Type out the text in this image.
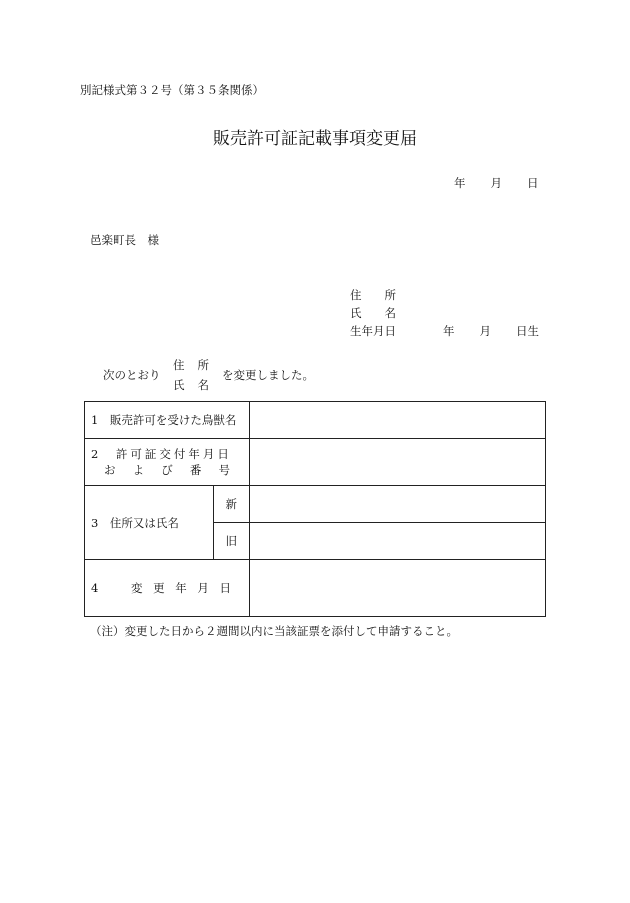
別記様式第３２号（第３５条関係）
販売許可証記載事項変更届
年 月 日
邑楽町長　様
住　所
氏　名
生年月日	年 月 日生
次のとおり
住所
氏名
を変更しました。
1　販売許可を受けた鳥獣名		

2　許可証交付年月日
および番号		

3　住所又は氏名	新	
	旧	
4　変更年月日		
（注）変更した日から２週間以内に当該証票を添付して申請すること。
